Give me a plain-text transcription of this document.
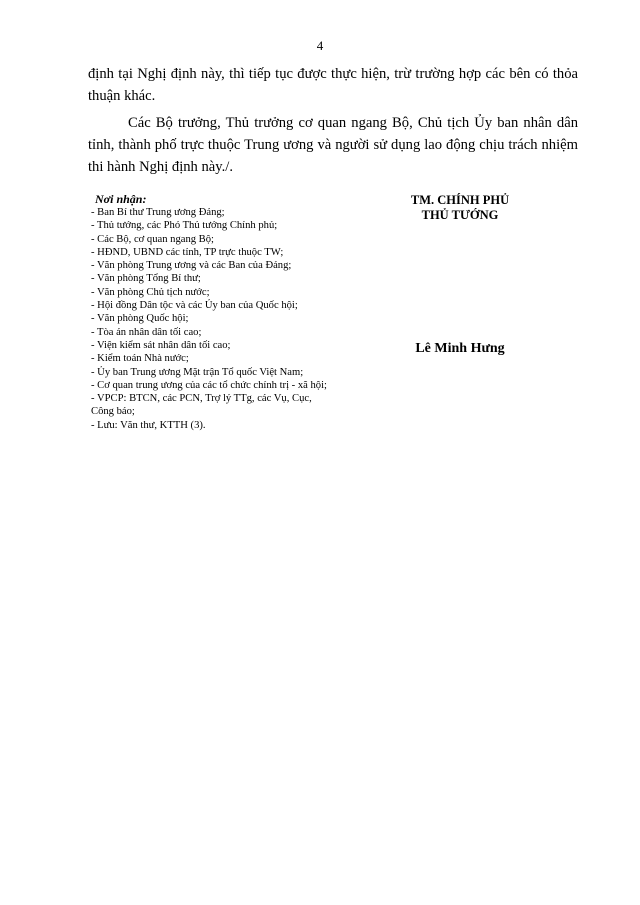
4
định tại Nghị định này, thì tiếp tục được thực hiện, trừ trường hợp các bên có thỏa
thuận khác.
Các Bộ trưởng, Thủ trưởng cơ quan ngang Bộ, Chủ tịch Ủy ban nhân dân
tỉnh, thành phố trực thuộc Trung ương và người sử dụng lao động chịu trách nhiệm
thi hành Nghị định này./.
Nơi nhận:
- Ban Bí thư Trung ương Đảng;
- Thủ tướng, các Phó Thủ tướng Chính phủ;
- Các Bộ, cơ quan ngang Bộ;
- HĐND, UBND các tỉnh, TP trực thuộc TW;
- Văn phòng Trung ương và các Ban của Đảng;
- Văn phòng Tổng Bí thư;
- Văn phòng Chủ tịch nước;
- Hội đồng Dân tộc và các Ủy ban của Quốc hội;
- Văn phòng Quốc hội;
- Tòa án nhân dân tối cao;
- Viện kiểm sát nhân dân tối cao;
- Kiểm toán Nhà nước;
- Ủy ban Trung ương Mặt trận Tổ quốc Việt Nam;
- Cơ quan trung ương của các tổ chức chính trị - xã hội;
- VPCP: BTCN, các PCN, Trợ lý TTg, các Vụ, Cục,
Công báo;
- Lưu: Văn thư, KTTH (3).
TM. CHÍNH PHỦ
THỦ TƯỚNG
Lê Minh Hưng
